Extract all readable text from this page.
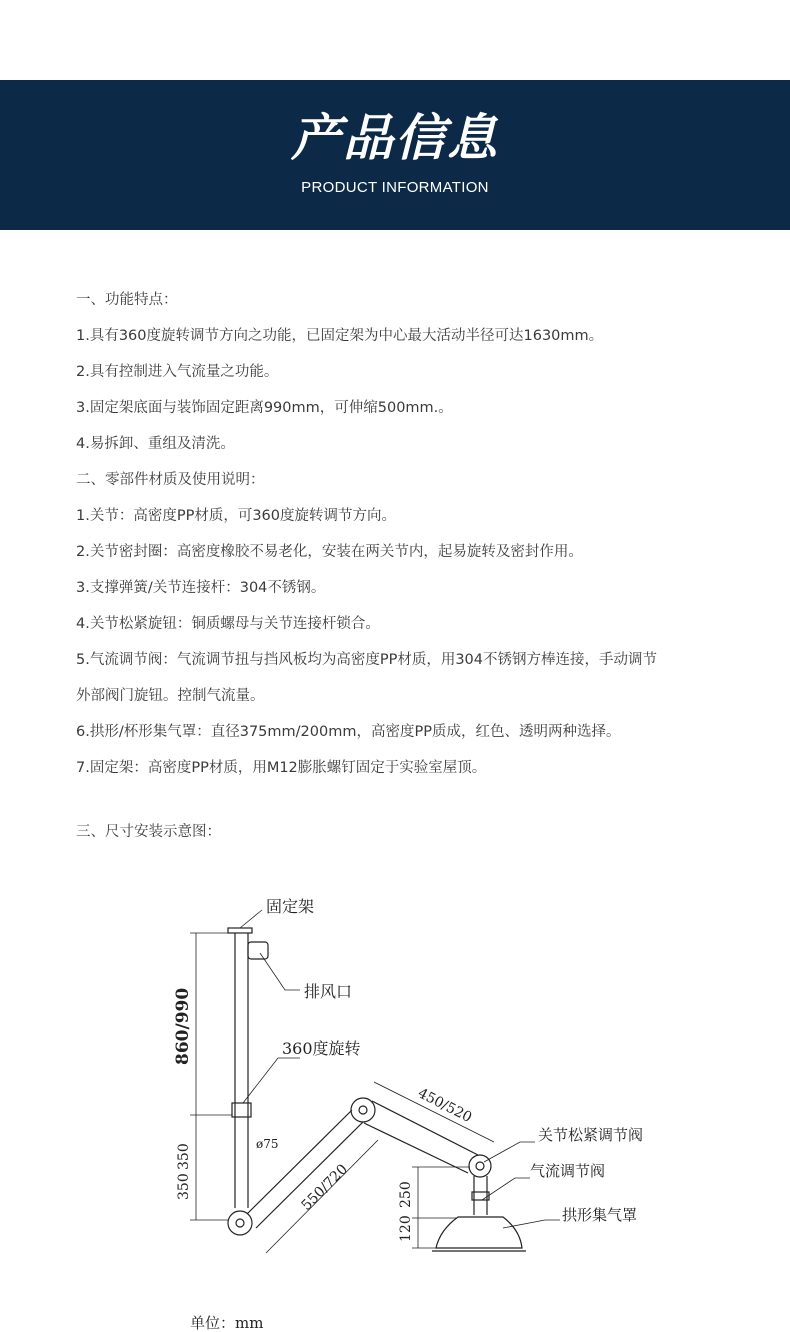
产品信息
PRODUCT INFORMATION

一、功能特点：

1.具有360度旋转调节方向之功能，已固定架为中心最大活动半径可达1630mm。

2.具有控制进入气流量之功能。

3.固定架底面与装饰固定距离990mm，可伸缩500mm.。

4.易拆卸、重组及清洗。

二、零部件材质及使用说明：

1.关节：高密度PP材质，可360度旋转调节方向。

2.关节密封圈：高密度橡胶不易老化，安装在两关节内，起易旋转及密封作用。

3.支撑弹簧/关节连接杆：304不锈钢。

4.关节松紧旋钮：铜质螺母与关节连接杆锁合。

5.气流调节阀：气流调节扭与挡风板均为高密度PP材质，用304不锈钢方棒连接，手动调节

外部阀门旋钮。控制气流量。

6.拱形/杯形集气罩：直径375mm/200mm，高密度PP质成，红色、透明两种选择。

7.固定架：高密度PP材质，用M12膨胀螺钉固定于实验室屋顶。

三、尺寸安装示意图：
固定架
排风口
360度旋转
关节松紧调节阀
气流调节阀
拱形集气罩
单位：mm
860/990
350
350
ø75
550/720
450/520
250
120
